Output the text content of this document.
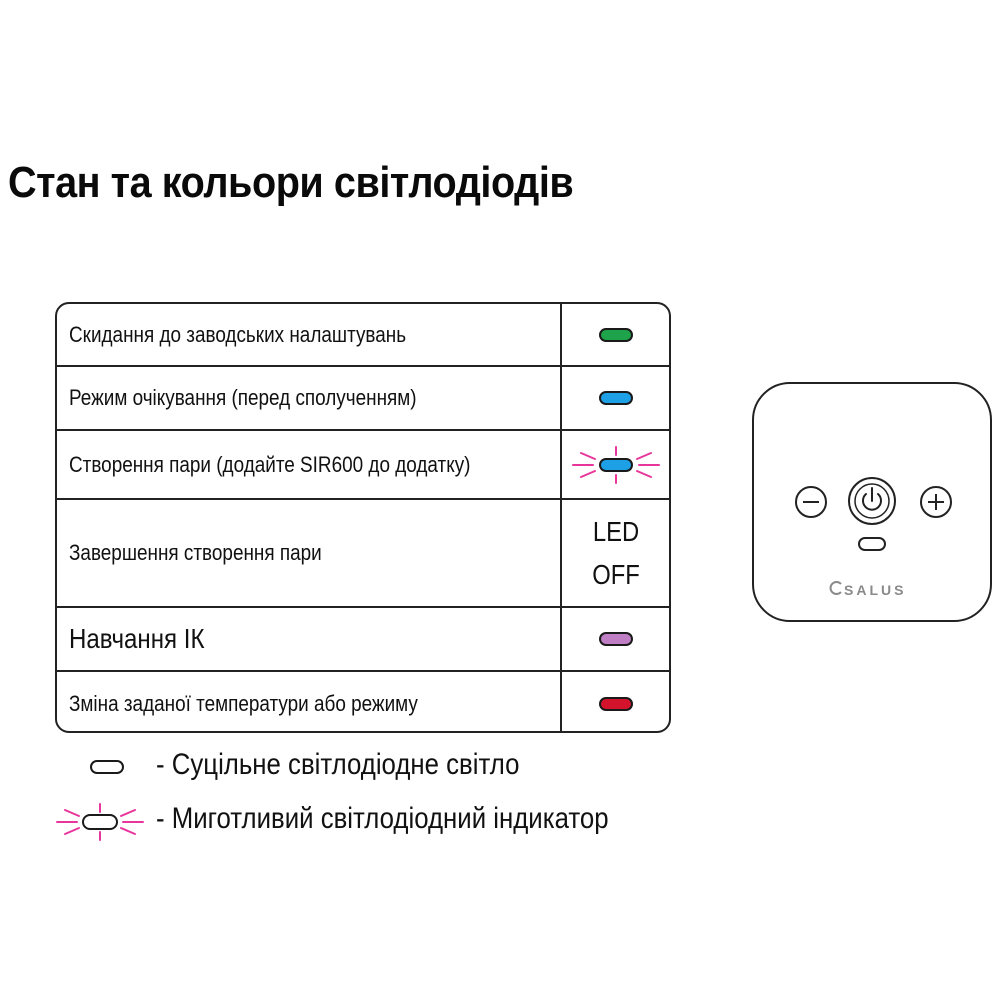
Стан та кольори світлодіодів
Скидання до заводських налаштувань
Режим очікування (перед сполученням)
Створення пари (додайте SIR600 до додатку)
Завершення створення пари
LED
OFF
Навчання ІК
Зміна заданої температури або режиму
- Суцільне світлодіодне світло
- Миготливий світлодіодний індикатор
SALUS
